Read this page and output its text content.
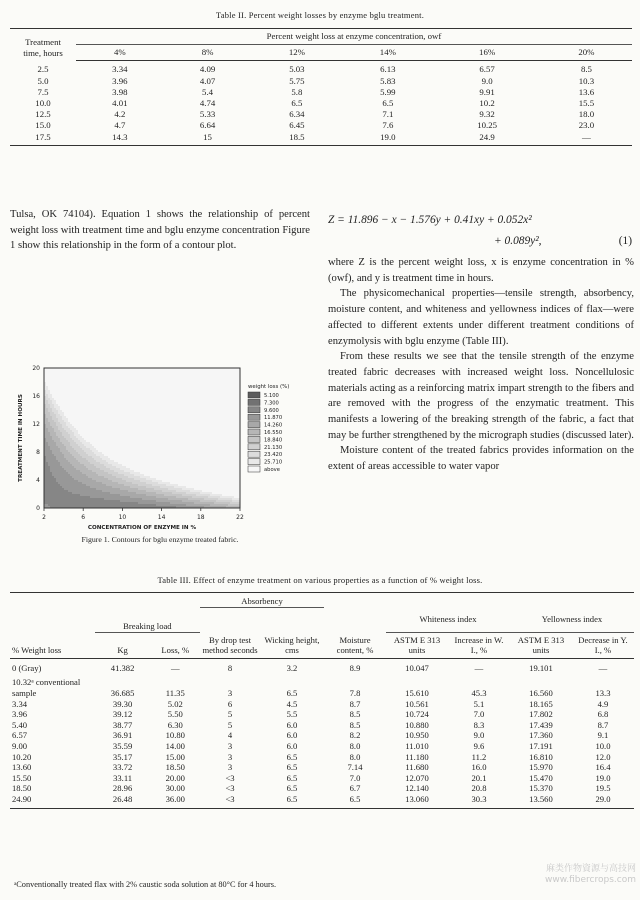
Table II. Percent weight losses by enzyme bglu treatment.
Treatment
time, hours	Percent weight loss at enzyme concentration, owf					
	4%	8%	12%	14%	16%	20%
2.5	3.34	4.09	5.03	6.13	6.57	8.5
5.0	3.96	4.07	5.75	5.83	9.0	10.3
7.5	3.98	5.4	5.8	5.99	9.91	13.6
10.0	4.01	4.74	6.5	6.5	10.2	15.5
12.5	4.2	5.33	6.34	7.1	9.32	18.0
15.0	4.7	6.64	6.45	7.6	10.25	23.0
17.5	14.3	15	18.5	19.0	24.9	—

Tulsa, OK 74104). Equation 1 shows the relationship of percent weight loss with treatment time and bglu enzyme concentration Figure 1 show this relationship in the form of a contour plot.

2	6	10	14	18	22
0
4
8
12
16
20
CONCENTRATION OF ENZYME IN %
TREATMENT TIME IN HOURS
weight loss (%)
5.100
7.300
9.600
11.870
14.260
16.550
18.840
21.130
23.420
25.710
above
Figure 1. Contours for bglu enzyme treated fabric.
Z = 11.896 − x − 1.576y + 0.41xy + 0.052x²
+ 0.089y²,	(1)

where Z is the percent weight loss, x is enzyme concentration in % (owf), and y is treatment time in hours.

The physicomechanical properties—tensile strength, absorbency, moisture content, and whiteness and yellowness indices of flax—were affected to different extents under different treatment conditions of enzymolysis with bglu enzyme (Table III).

From these results we see that the tensile strength of the enzyme treated fabric decreases with increased weight loss. Noncellulosic materials acting as a reinforcing matrix impart strength to the fibers and are removed with the progress of the enzymatic treatment. This manifests a lowering of the breaking strength of the fabric, a fact that may be further strengthened by the micrograph studies (discussed later).

Moisture content of the treated fabrics provides information on the extent of areas accessible to water vapor

Table III. Effect of enzyme treatment on various properties as a function of % weight loss.
			Absorbency						
	Breaking load					Whiteness index		Yellowness index	
% Weight loss	Kg	Loss, %	By drop test method seconds	Wicking height, cms	Moisture content, %	ASTM E 313 units	Increase in W. I., %	ASTM E 313 units	Decrease in Y. I., %
0 (Gray)	41.382	—	8	3.2	8.9	10.047	—	19.101	—
10.32ᵃ conventional sample	36.685	11.35	3	6.5	7.8	15.610	45.3	16.560	13.3
3.34	39.30	5.02	6	4.5	8.7	10.561	5.1	18.165	4.9
3.96	39.12	5.50	5	5.5	8.5	10.724	7.0	17.802	6.8
5.40	38.77	6.30	5	6.0	8.5	10.880	8.3	17.439	8.7
6.57	36.91	10.80	4	6.0	8.2	10.950	9.0	17.360	9.1
9.00	35.59	14.00	3	6.0	8.0	11.010	9.6	17.191	10.0
10.20	35.17	15.00	3	6.5	8.0	11.180	11.2	16.810	12.0
13.60	33.72	18.50	3	6.5	7.14	11.680	16.0	15.970	16.4
15.50	33.11	20.00	<3	6.5	7.0	12.070	20.1	15.470	19.0
18.50	28.96	30.00	<3	6.5	6.7	12.140	20.8	15.370	19.5
24.90	26.48	36.00	<3	6.5	6.5	13.060	30.3	13.560	29.0
ᵃConventionally treated flax with 2% caustic soda solution at 80°C for 4 hours.
麻类作物資源与高技网
www.fibercrops.com
